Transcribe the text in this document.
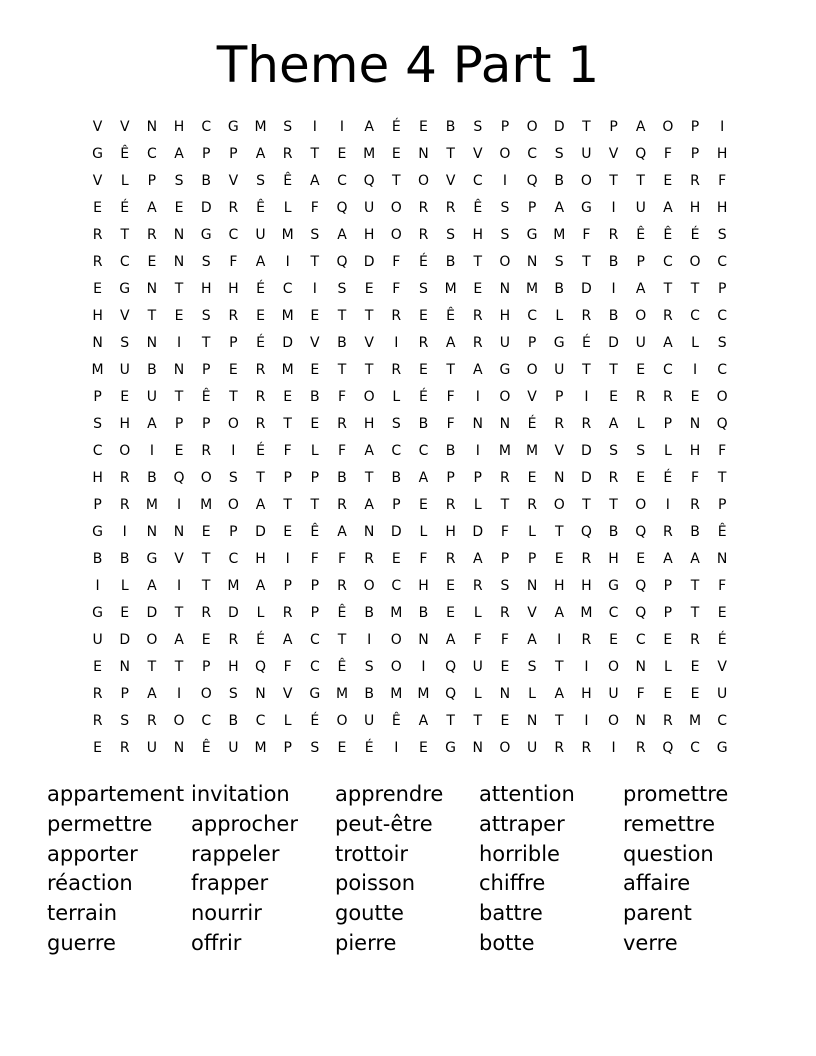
Theme 4 Part 1
V	V	N	H	C	G	M	S	I	I	A	É	E	B	S	P	O	D	T	P	A	O	P	I
G	Ê	C	A	P	P	A	R	T	E	M	E	N	T	V	O	C	S	U	V	Q	F	P	H
V	L	P	S	B	V	S	Ê	A	C	Q	T	O	V	C	I	Q	B	O	T	T	E	R	F
E	É	A	E	D	R	Ê	L	F	Q	U	O	R	R	Ê	S	P	A	G	I	U	A	H	H
R	T	R	N	G	C	U	M	S	A	H	O	R	S	H	S	G	M	F	R	Ê	Ê	É	S
R	C	E	N	S	F	A	I	T	Q	D	F	É	B	T	O	N	S	T	B	P	C	O	C
E	G	N	T	H	H	É	C	I	S	E	F	S	M	E	N	M	B	D	I	A	T	T	P
H	V	T	E	S	R	E	M	E	T	T	R	E	Ê	R	H	C	L	R	B	O	R	C	C
N	S	N	I	T	P	É	D	V	B	V	I	R	A	R	U	P	G	É	D	U	A	L	S
M	U	B	N	P	E	R	M	E	T	T	R	E	T	A	G	O	U	T	T	E	C	I	C
P	E	U	T	Ê	T	R	E	B	F	O	L	É	F	I	O	V	P	I	E	R	R	E	O
S	H	A	P	P	O	R	T	E	R	H	S	B	F	N	N	É	R	R	A	L	P	N	Q
C	O	I	E	R	I	É	F	L	F	A	C	C	B	I	M	M	V	D	S	S	L	H	F
H	R	B	Q	O	S	T	P	P	B	T	B	A	P	P	R	E	N	D	R	E	É	F	T
P	R	M	I	M	O	A	T	T	R	A	P	E	R	L	T	R	O	T	T	O	I	R	P
G	I	N	N	E	P	D	E	Ê	A	N	D	L	H	D	F	L	T	Q	B	Q	R	B	Ê
B	B	G	V	T	C	H	I	F	F	R	E	F	R	A	P	P	E	R	H	E	A	A	N
I	L	A	I	T	M	A	P	P	R	O	C	H	E	R	S	N	H	H	G	Q	P	T	F
G	E	D	T	R	D	L	R	P	Ê	B	M	B	E	L	R	V	A	M	C	Q	P	T	E
U	D	O	A	E	R	É	A	C	T	I	O	N	A	F	F	A	I	R	E	C	E	R	É
E	N	T	T	P	H	Q	F	C	Ê	S	O	I	Q	U	E	S	T	I	O	N	L	E	V
R	P	A	I	O	S	N	V	G	M	B	M	M	Q	L	N	L	A	H	U	F	E	E	U
R	S	R	O	C	B	C	L	É	O	U	Ê	A	T	T	E	N	T	I	O	N	R	M	C
E	R	U	N	Ê	U	M	P	S	E	É	I	E	G	N	O	U	R	R	I	R	Q	C	G
appartement invitation	apprendre	attention	promettre
permettre	approcher	peut-être	attraper	remettre
apporter	rappeler	trottoir	horrible	question
réaction	frapper	poisson	chiffre	affaire
terrain	nourrir	goutte	battre	parent
guerre	offrir	pierre	botte	verre
